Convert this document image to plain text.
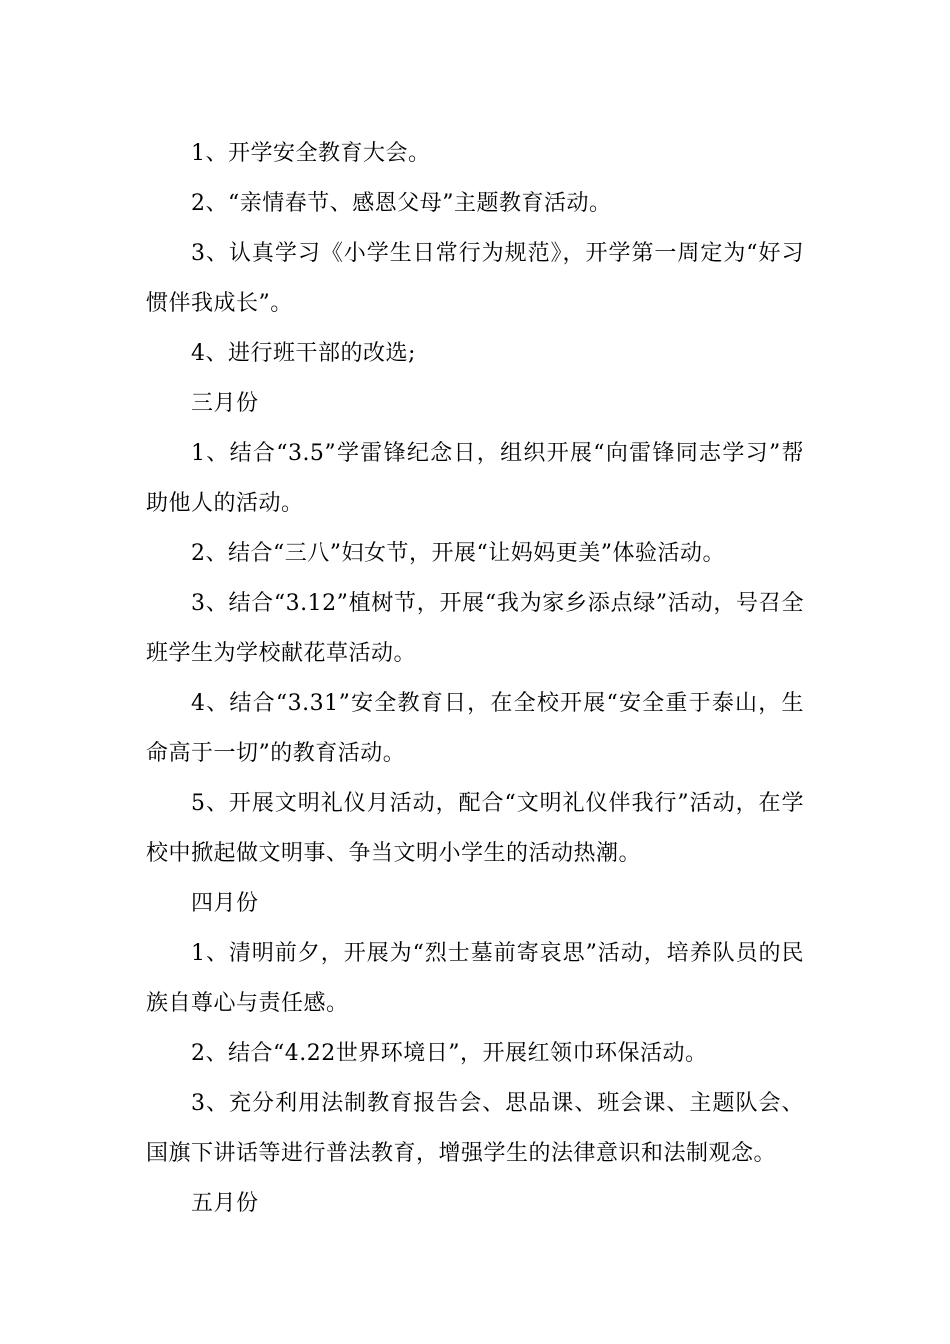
1、开学安全教育大会。

2、“亲情春节、感恩父母”主题教育活动。

3、认真学习《小学生日常行为规范》，开学第一周定为“好习惯伴我成长”。

4、进行班干部的改选;

三月份

1、结合“3.5”学雷锋纪念日，组织开展“向雷锋同志学习”帮助他人的活动。

2、结合“三八”妇女节，开展“让妈妈更美”体验活动。

3、结合“3.12”植树节，开展“我为家乡添点绿”活动，号召全班学生为学校献花草活动。

4、结合“3.31”安全教育日，在全校开展“安全重于泰山，生命高于一切”的教育活动。

5、开展文明礼仪月活动，配合“文明礼仪伴我行”活动，在学校中掀起做文明事、争当文明小学生的活动热潮。

四月份

1、清明前夕，开展为“烈士墓前寄哀思”活动，培养队员的民族自尊心与责任感。

2、结合“4.22世界环境日”，开展红领巾环保活动。

3、充分利用法制教育报告会、思品课、班会课、主题队会、国旗下讲话等进行普法教育，增强学生的法律意识和法制观念。

五月份
